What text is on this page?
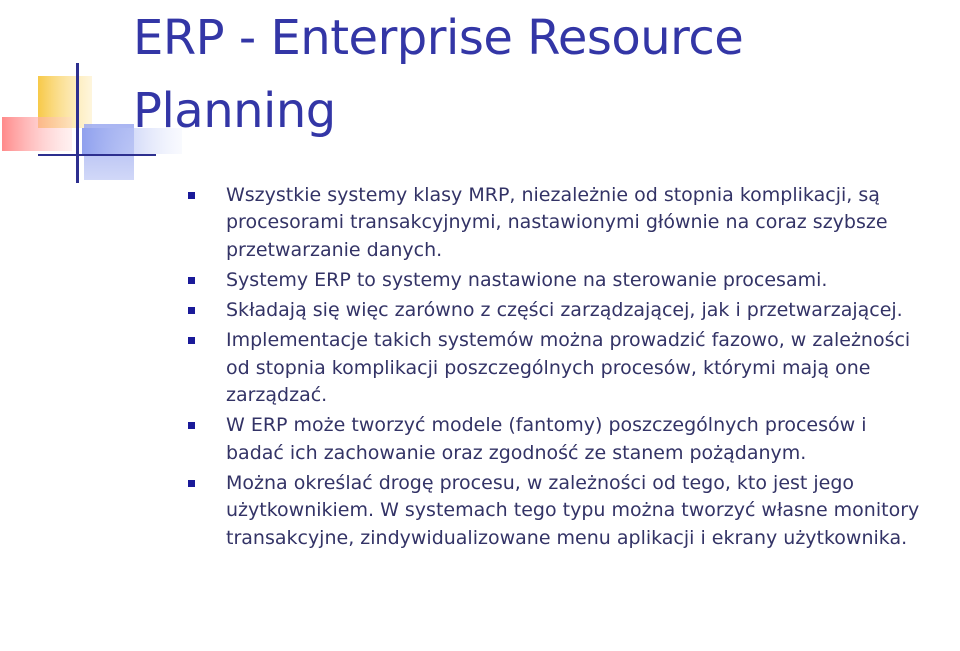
ERP - Enterprise Resource Planning
Wszystkie systemy klasy MRP, niezależnie od stopnia komplikacji, są procesorami transakcyjnymi, nastawionymi głównie na coraz szybsze przetwarzanie danych.
Systemy ERP to systemy nastawione na sterowanie procesami.
Składają się więc zarówno z części zarządzającej, jak i przetwarzającej.
Implementacje takich systemów można prowadzić fazowo, w zależności od stopnia komplikacji poszczególnych procesów, którymi mają one zarządzać.
W ERP może tworzyć modele (fantomy) poszczególnych procesów i badać ich zachowanie oraz zgodność ze stanem pożądanym.
Można określać drogę procesu, w zależności od tego, kto jest jego użytkownikiem. W systemach tego typu można tworzyć własne monitory transakcyjne, zindywidualizowane menu aplikacji i ekrany użytkownika.
